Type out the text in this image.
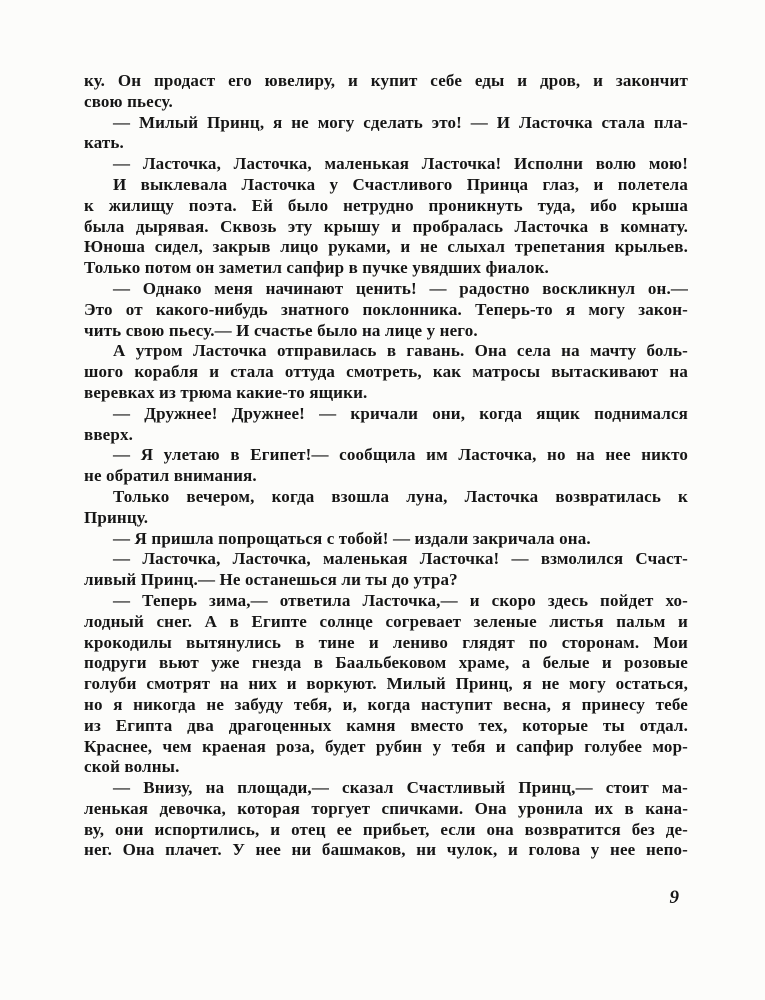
ку. Он продаст его ювелиру, и купит себе еды и дров, и закончит
свою пьесу.
— Милый Принц, я не могу сделать это! — И Ласточка стала пла-
кать.
— Ласточка, Ласточка, маленькая Ласточка! Исполни волю мою!
И выклевала Ласточка у Счастливого Принца глаз, и полетела
к жилищу поэта. Ей было нетрудно проникнуть туда, ибо крыша
была дырявая. Сквозь эту крышу и пробралась Ласточка в комнату.
Юноша сидел, закрыв лицо руками, и не слыхал трепетания крыльев.
Только потом он заметил сапфир в пучке увядших фиалок.
— Однако меня начинают ценить! — радостно воскликнул он.—
Это от какого-нибудь знатного поклонника. Теперь-то я могу закон-
чить свою пьесу.— И счастье было на лице у него.
А утром Ласточка отправилась в гавань. Она села на мачту боль-
шого корабля и стала оттуда смотреть, как матросы вытаскивают на
веревках из трюма какие-то ящики.
— Дружнее! Дружнее! — кричали они, когда ящик поднимался
вверх.
— Я улетаю в Египет!— сообщила им Ласточка, но на нее никто
не обратил внимания.
Только вечером, когда взошла луна, Ласточка возвратилась к
Принцу.
— Я пришла попрощаться с тобой! — издали закричала она.
— Ласточка, Ласточка, маленькая Ласточка! — взмолился Счаст-
ливый Принц.— Не останешься ли ты до утра?
— Теперь зима,— ответила Ласточка,— и скоро здесь пойдет хо-
лодный снег. А в Египте солнце согревает зеленые листья пальм и
крокодилы вытянулись в тине и лениво глядят по сторонам. Мои
подруги вьют уже гнезда в Баальбековом храме, а белые и розовые
голуби смотрят на них и воркуют. Милый Принц, я не могу остаться,
но я никогда не забуду тебя, и, когда наступит весна, я принесу тебе
из Египта два драгоценных камня вместо тех, которые ты отдал.
Краснее, чем краеная роза, будет рубин у тебя и сапфир голубее мор-
ской волны.
— Внизу, на площади,— сказал Счастливый Принц,— стоит ма-
ленькая девочка, которая торгует спичками. Она уронила их в кана-
ву, они испортились, и отец ее прибьет, если она возвратится без де-
нег. Она плачет. У нее ни башмаков, ни чулок, и голова у нее непо-
9
